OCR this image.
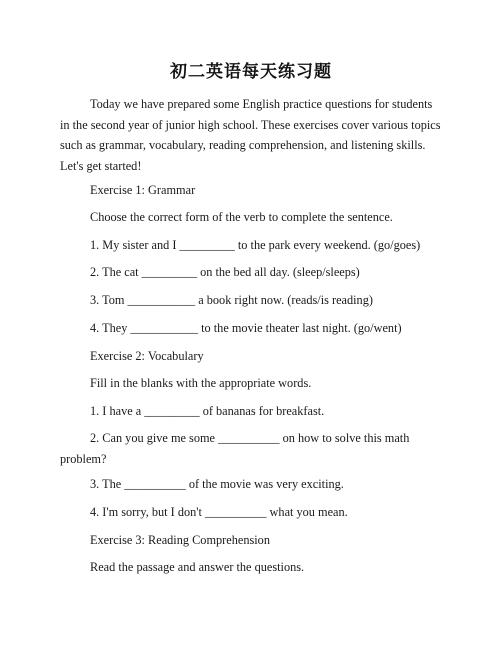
初二英语每天练习题
Today we have prepared some English practice questions for students in the second year of junior high school. These exercises cover various topics such as grammar, vocabulary, reading comprehension, and listening skills. Let's get started!
Exercise 1: Grammar
Choose the correct form of the verb to complete the sentence.
1. My sister and I _________ to the park every weekend. (go/goes)
2. The cat _________ on the bed all day. (sleep/sleeps)
3. Tom ___________ a book right now. (reads/is reading)
4. They ___________ to the movie theater last night. (go/went)
Exercise 2: Vocabulary
Fill in the blanks with the appropriate words.
1. I have a _________ of bananas for breakfast.
2. Can you give me some __________ on how to solve this math problem?
3. The __________ of the movie was very exciting.
4. I'm sorry, but I don't __________ what you mean.
Exercise 3: Reading Comprehension
Read the passage and answer the questions.
